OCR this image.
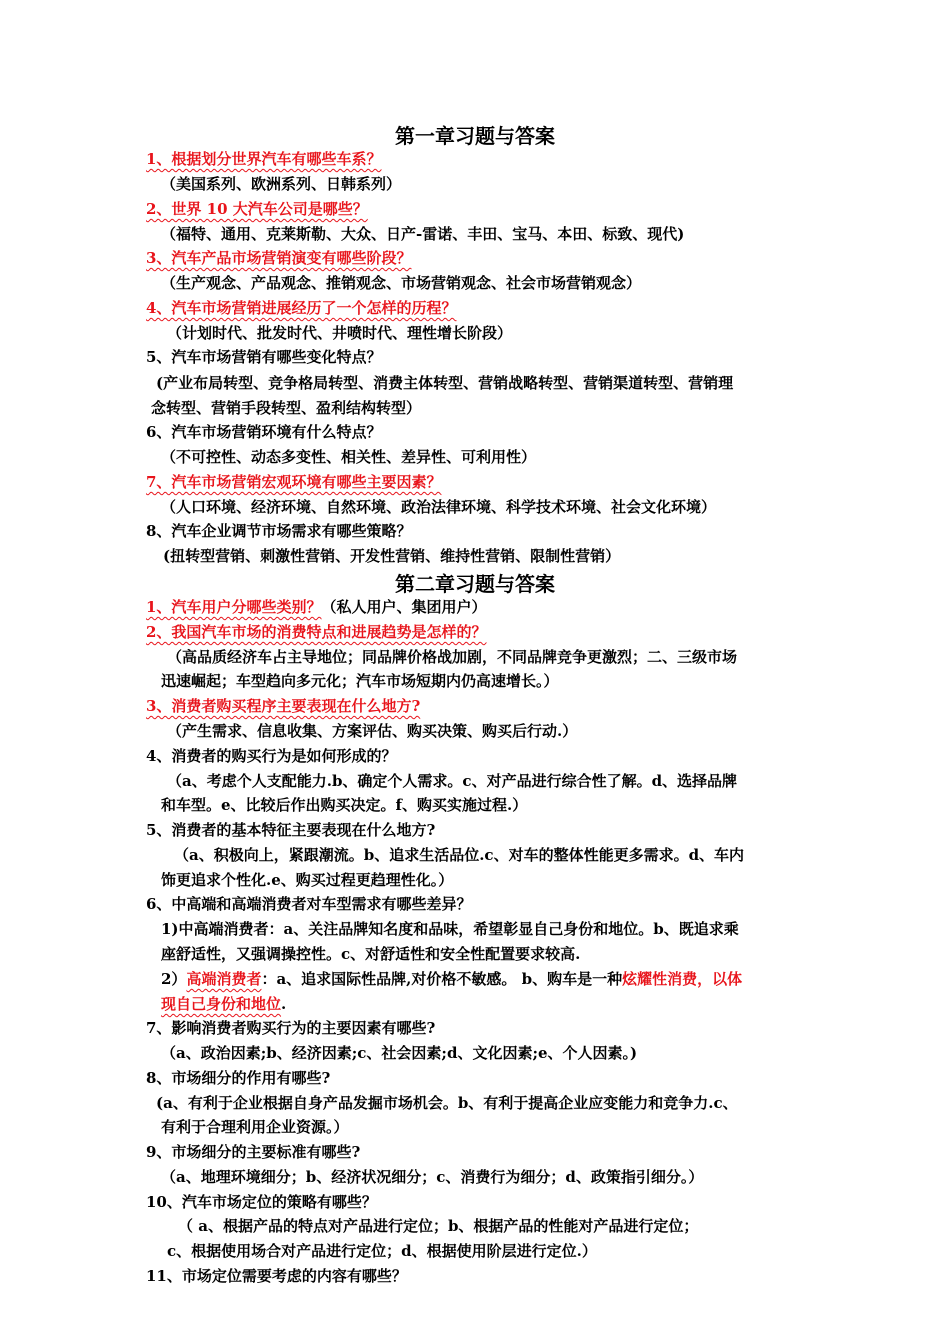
第一章习题与答案
1、根据划分世界汽车有哪些车系？
（美国系列、欧洲系列、日韩系列）
2、世界 10 大汽车公司是哪些？
（福特、通用、克莱斯勒、大众、日产-雷诺、丰田、宝马、本田、标致、现代)
3、汽车产品市场营销演变有哪些阶段？
（生产观念、产品观念、推销观念、市场营销观念、社会市场营销观念）
4、汽车市场营销进展经历了一个怎样的历程？
（计划时代、批发时代、井喷时代、理性增长阶段）
5、汽车市场营销有哪些变化特点？
(产业布局转型、竞争格局转型、消费主体转型、营销战略转型、营销渠道转型、营销理
念转型、营销手段转型、盈利结构转型）
6、汽车市场营销环境有什么特点？
（不可控性、动态多变性、相关性、差异性、可利用性）
7、汽车市场营销宏观环境有哪些主要因素？
（人口环境、经济环境、自然环境、政治法律环境、科学技术环境、社会文化环境）
8、汽车企业调节市场需求有哪些策略？
(扭转型营销、刺激性营销、开发性营销、维持性营销、限制性营销）
第二章习题与答案
1、汽车用户分哪些类别？（私人用户、集团用户）
2、我国汽车市场的消费特点和进展趋势是怎样的？
（高品质经济车占主导地位；同品牌价格战加剧，不同品牌竞争更激烈；二、三级市场
迅速崛起；车型趋向多元化；汽车市场短期内仍高速增长。）
3、消费者购买程序主要表现在什么地方?
（产生需求、信息收集、方案评估、购买决策、购买后行动.）
4、消费者的购买行为是如何形成的？
（a、考虑个人支配能力.b、确定个人需求。c、对产品进行综合性了解。d、选择品牌
和车型。e、比较后作出购买决定。f、购买实施过程.）
5、消费者的基本特征主要表现在什么地方?
（a、积极向上，紧跟潮流。b、追求生活品位.c、对车的整体性能更多需求。d、车内
饰更追求个性化.e、购买过程更趋理性化。）
6、中高端和高端消费者对车型需求有哪些差异？
1)中高端消费者：a、关注品牌知名度和品味，希望彰显自己身份和地位。b、既追求乘
座舒适性，又强调操控性。c、对舒适性和安全性配置要求较高.
2）高端消费者：a、追求国际性品牌,对价格不敏感。 b、购车是一种炫耀性消费，以体
现自己身份和地位.
7、影响消费者购买行为的主要因素有哪些?
（a、政治因素;b、经济因素;c、社会因素;d、文化因素;e、个人因素。)
8、市场细分的作用有哪些?
(a、有利于企业根据自身产品发掘市场机会。b、有利于提高企业应变能力和竞争力.c、
有利于合理利用企业资源。）
9、市场细分的主要标准有哪些?
（a、地理环境细分；b、经济状况细分；c、消费行为细分；d、政策指引细分。）
10、汽车市场定位的策略有哪些？
（ a、根据产品的特点对产品进行定位；b、根据产品的性能对产品进行定位；
c、根据使用场合对产品进行定位；d、根据使用阶层进行定位.）
11、市场定位需要考虑的内容有哪些？
